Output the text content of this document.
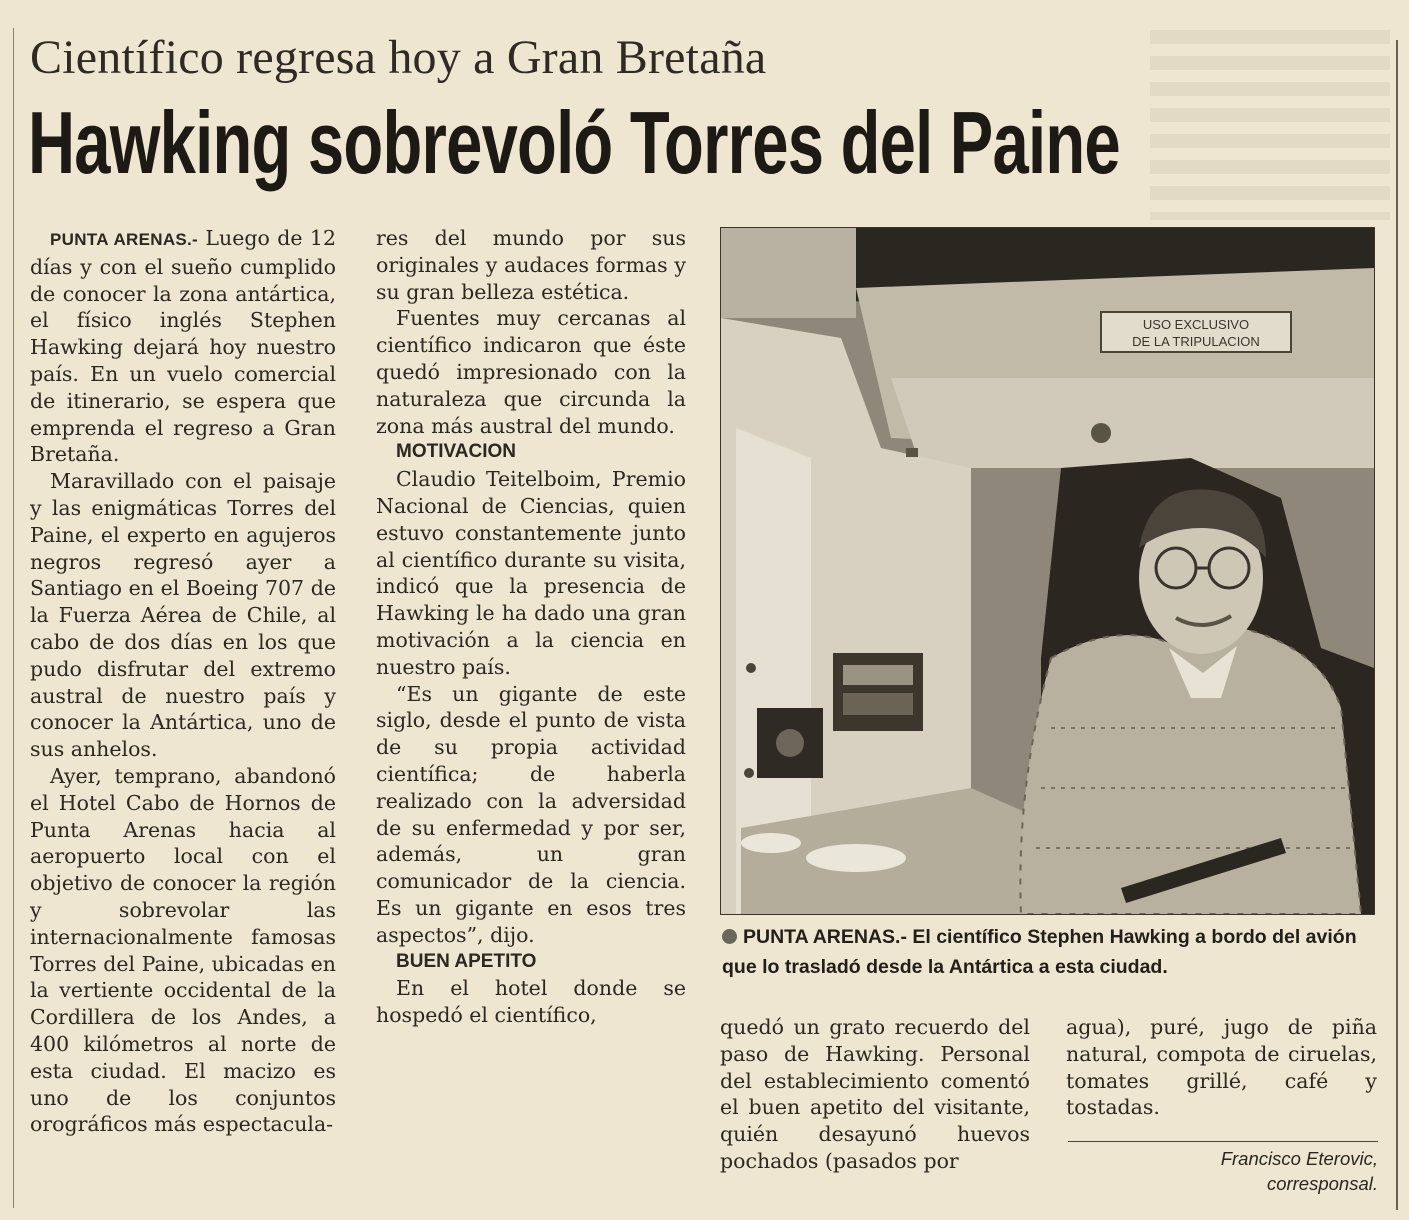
Científico regresa hoy a Gran Bretaña
Hawking sobrevoló Torres del Paine

PUNTA ARENAS.- Luego de 12 días y con el sueño cumplido de conocer la zona antártica, el físico inglés Stephen Hawking dejará hoy nuestro país. En un vuelo comercial de itinerario, se espera que emprenda el regreso a Gran Bretaña.

Maravillado con el paisaje y las enigmáticas Torres del Paine, el experto en agujeros negros regresó ayer a Santiago en el Boeing 707 de la Fuerza Aérea de Chile, al cabo de dos días en los que pudo disfrutar del extremo austral de nuestro país y conocer la Antártica, uno de sus anhelos.

Ayer, temprano, abandonó el Hotel Cabo de Hornos de Punta Arenas hacia al aeropuerto local con el objetivo de conocer la región y sobrevolar las internacionalmente famosas Torres del Paine, ubicadas en la vertiente occidental de la Cordillera de los Andes, a 400 kilómetros al norte de esta ciudad. El macizo es uno de los conjuntos orográficos más espectacula-

res del mundo por sus originales y audaces formas y su gran belleza estética.

Fuentes muy cercanas al científico indicaron que éste quedó impresionado con la naturaleza que circunda la zona más austral del mundo.

MOTIVACION

Claudio Teitelboim, Premio Nacional de Ciencias, quien estuvo constantemente junto al científico durante su visita, indicó que la presencia de Hawking le ha dado una gran motivación a la ciencia en nuestro país.

“Es un gigante de este siglo, desde el punto de vista de su propia actividad científica; de haberla realizado con la adversidad de su enfermedad y por ser, además, un gran comunicador de la ciencia. Es un gigante en esos tres aspectos”, dijo.

BUEN APETITO

En el hotel donde se hospedó el científico,

USO EXCLUSIVO
DE LA TRIPULACION
PUNTA ARENAS.- El científico Stephen Hawking a bordo del avión que lo trasladó desde la Antártica a esta ciudad.

quedó un grato recuerdo del paso de Hawking. Personal del establecimiento comentó el buen apetito del visitante, quién desayunó huevos pochados (pasados por

agua), puré, jugo de piña natural, compota de ciruelas, tomates grillé, café y tostadas.

Francisco Eterovic,
corresponsal.
